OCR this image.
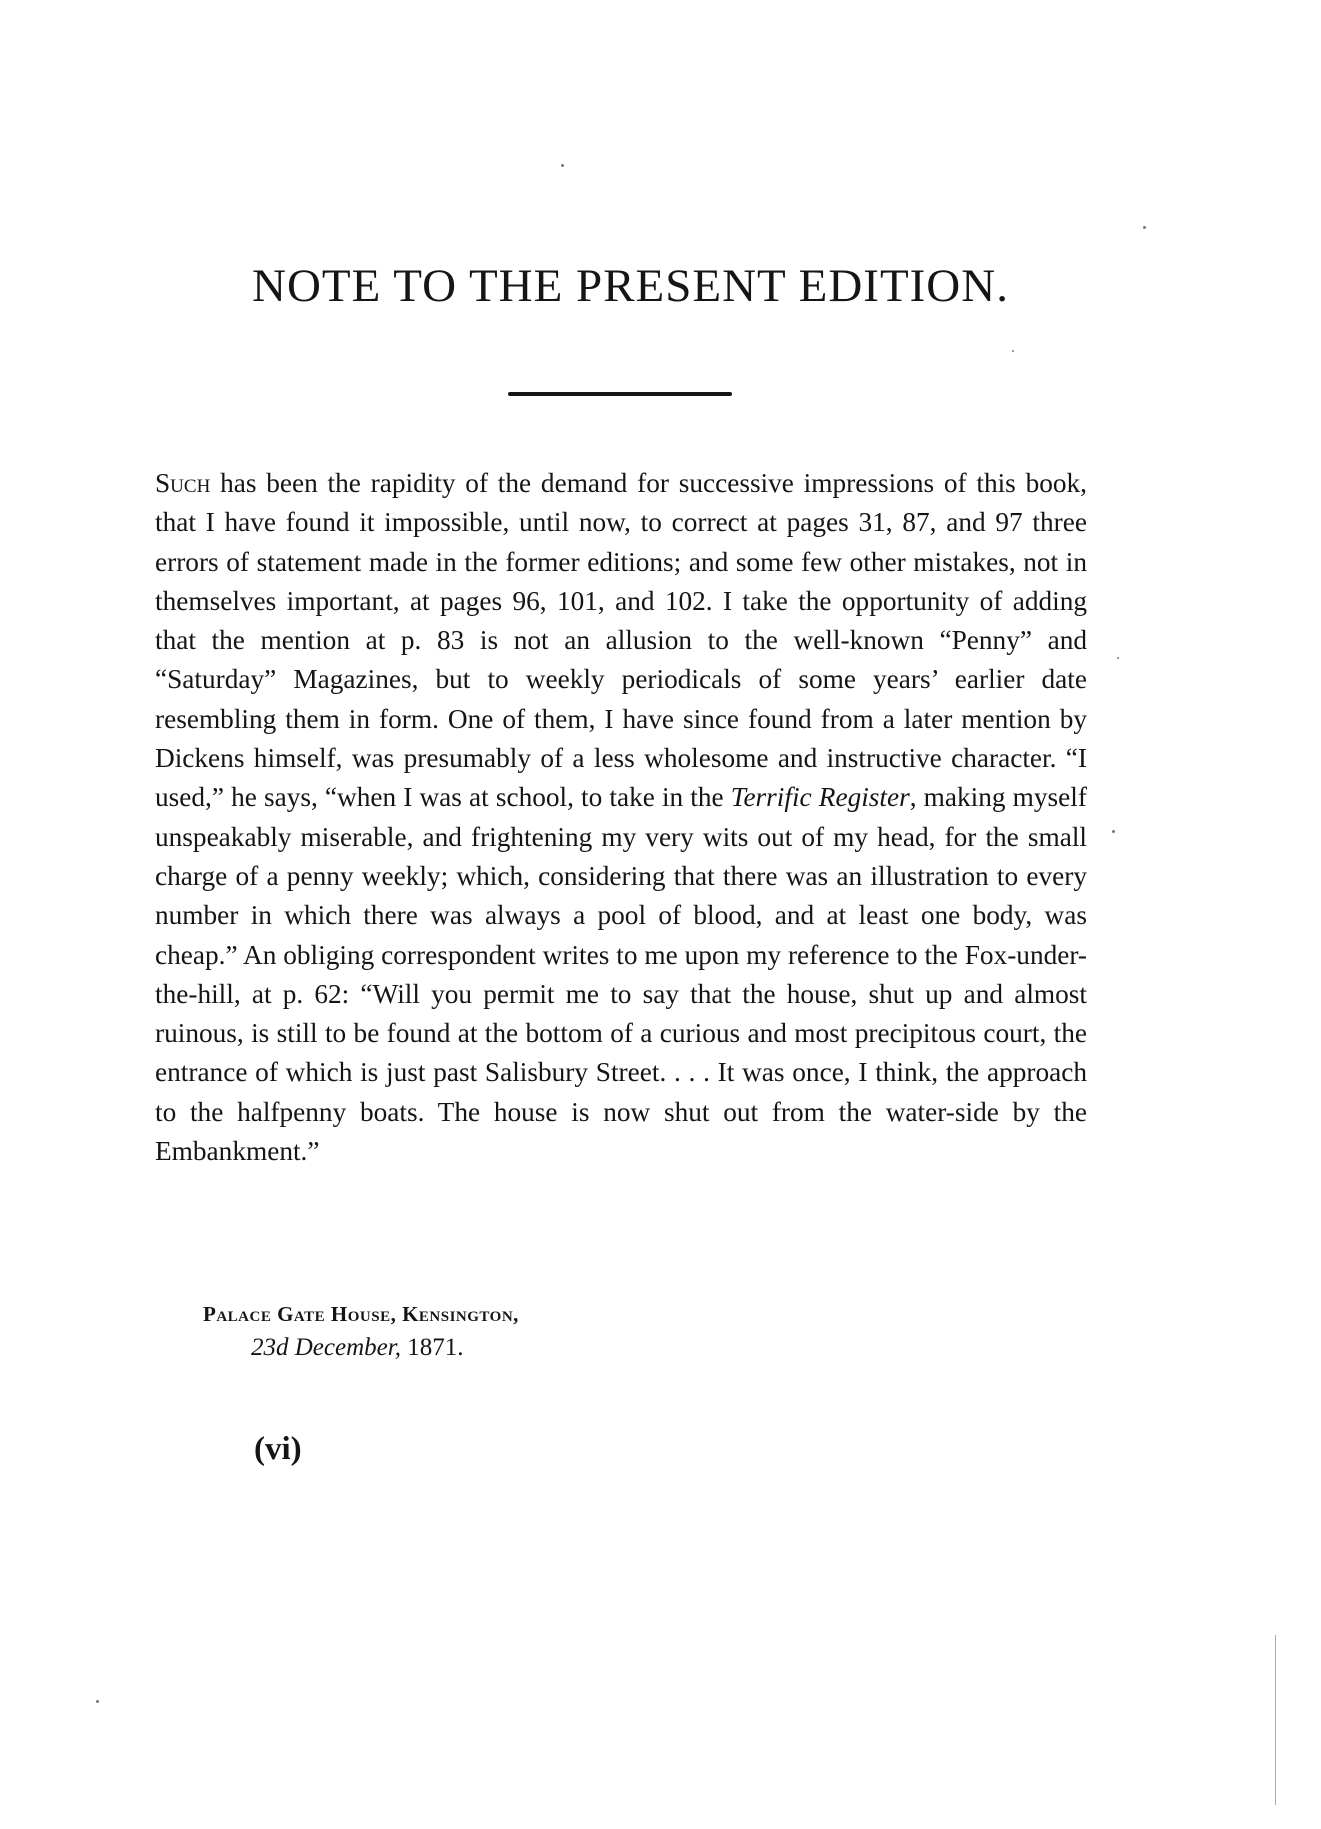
NOTE TO THE PRESENT EDITION.

Such has been the rapidity of the demand for successive impressions of this book, that I have found it impossible, until now, to correct at pages 31, 87, and 97 three errors of statement made in the former editions; and some few other mistakes, not in themselves important, at pages 96, 101, and 102. I take the opportunity of adding that the mention at p. 83 is not an allusion to the well-known “Penny” and “Saturday” Magazines, but to weekly periodicals of some years’ earlier date resembling them in form. One of them, I have since found from a later mention by Dickens himself, was presumably of a less wholesome and instructive character. “I used,” he says, “when I was at school, to take in the Terrific Register, making myself unspeakably miserable, and frightening my very wits out of my head, for the small charge of a penny weekly; which, considering that there was an illustration to every number in which there was always a pool of blood, and at least one body, was cheap.” An obliging correspondent writes to me upon my reference to the Fox-under-the-hill, at p. 62: “Will you permit me to say that the house, shut up and almost ruinous, is still to be found at the bottom of a curious and most precipitous court, the entrance of which is just past Salisbury Street. . . . It was once, I think, the approach to the halfpenny boats. The house is now shut out from the water-side by the Embankment.”

Palace Gate House, Kensington,
23d December, 1871.
(vi)
